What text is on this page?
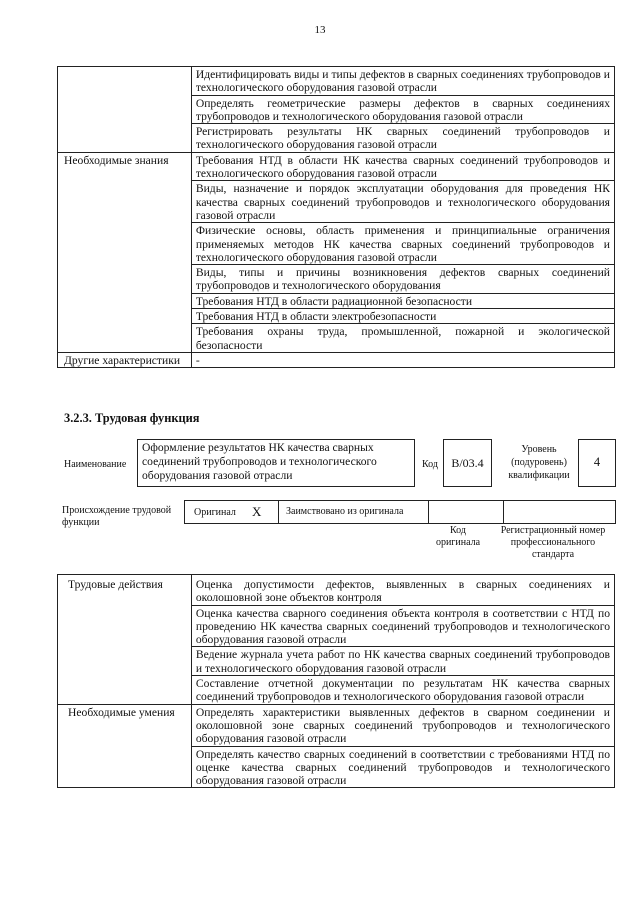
13
	Идентифицировать виды и типы дефектов в сварных соединениях трубопроводов и технологического оборудования газовой отрасли
	Определять геометрические размеры дефектов в сварных соединениях трубопроводов и технологического оборудования газовой отрасли
	Регистрировать результаты НК сварных соединений трубопроводов и технологического оборудования газовой отрасли
Необходимые знания	Требования НТД в области НК качества сварных соединений трубопроводов и технологического оборудования газовой отрасли
	Виды, назначение и порядок эксплуатации оборудования для проведения НК качества сварных соединений трубопроводов и технологического оборудования газовой отрасли
	Физические основы, область применения и принципиальные ограничения применяемых методов НК качества сварных соединений трубопроводов и технологического оборудования газовой отрасли
	Виды, типы и причины возникновения дефектов сварных соединений трубопроводов и технологического оборудования
	Требования НТД в области радиационной безопасности
	Требования НТД в области электробезопасности
	Требования охраны труда, промышленной, пожарной и экологической безопасности
Другие характеристики	-
3.2.3. Трудовая функция
Наименование
Оформление результатов НК качества сварных соединений трубопроводов и технологического оборудования газовой отрасли
Код	B/03.4
Уровень (подуровень) квалификации
4
Происхождение трудовой функции
Оригинал X Заимствовано из оригинала
Код оригинала
Регистрационный номер профессионального стандарта
Трудовые действия	Оценка допустимости дефектов, выявленных в сварных соединениях и околошовной зоне объектов контроля
	Оценка качества сварного соединения объекта контроля в соответствии с НТД по проведению НК качества сварных соединений трубопроводов и технологического оборудования газовой отрасли
	Ведение журнала учета работ по НК качества сварных соединений трубопроводов и технологического оборудования газовой отрасли
	Составление отчетной документации по результатам НК качества сварных соединений трубопроводов и технологического оборудования газовой отрасли
Необходимые умения	Определять характеристики выявленных дефектов в сварном соединении и околошовной зоне сварных соединений трубопроводов и технологического оборудования газовой отрасли
	Определять качество сварных соединений в соответствии с требованиями НТД по оценке качества сварных соединений трубопроводов и технологического оборудования газовой отрасли
